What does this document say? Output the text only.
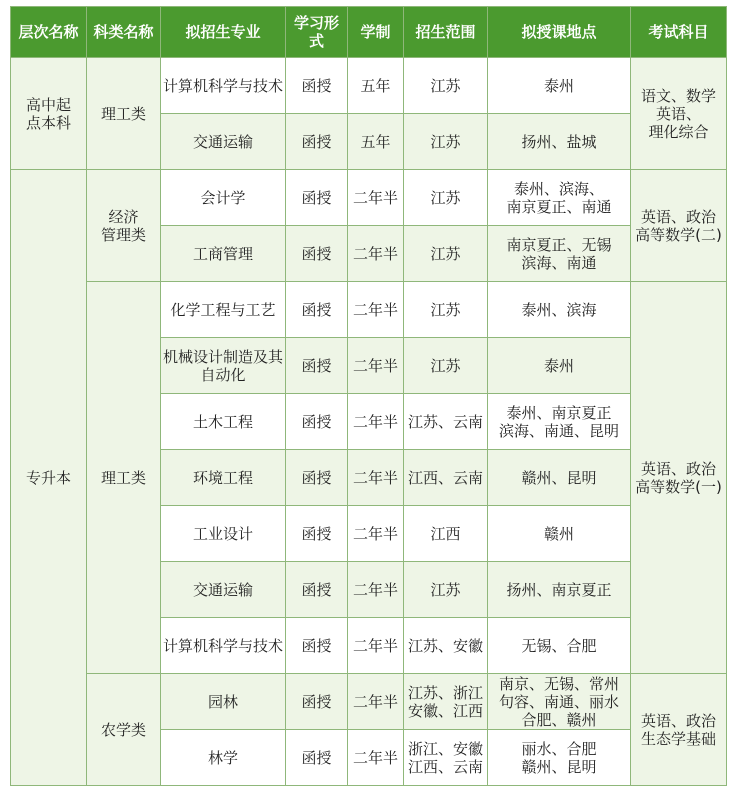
层次名称	科类名称	拟招生专业	学习形式	学制	招生范围	拟授课地点	考试科目

高中起
点本科	理工类	计算机科学与技术	函授	五年	江苏	泰州	语文、数学
英语、
理化综合

		交通运输	函授	五年	江苏	扬州、盐城	

专升本	经济
管理类	会计学	函授	二年半	江苏	泰州、滨海、
南京夏正、南通	英语、政治
高等数学(二)

		工商管理	函授	二年半	江苏	南京夏正、无锡
滨海、南通	

	理工类	化学工程与工艺	函授	二年半	江苏	泰州、滨海	英语、政治
高等数学(一)

		机械设计制造及其
自动化	函授	二年半	江苏	泰州	

		土木工程	函授	二年半	江苏、云南	泰州、南京夏正
滨海、南通、昆明	

		环境工程	函授	二年半	江西、云南	赣州、昆明	

		工业设计	函授	二年半	江西	赣州	

		交通运输	函授	二年半	江苏	扬州、南京夏正	

		计算机科学与技术	函授	二年半	江苏、安徽	无锡、合肥	

	农学类	园林	函授	二年半	江苏、浙江
安徽、江西	南京、无锡、常州
句容、南通、丽水
合肥、赣州	英语、政治
生态学基础

		林学	函授	二年半	浙江、安徽
江西、云南	丽水、合肥
赣州、昆明	
